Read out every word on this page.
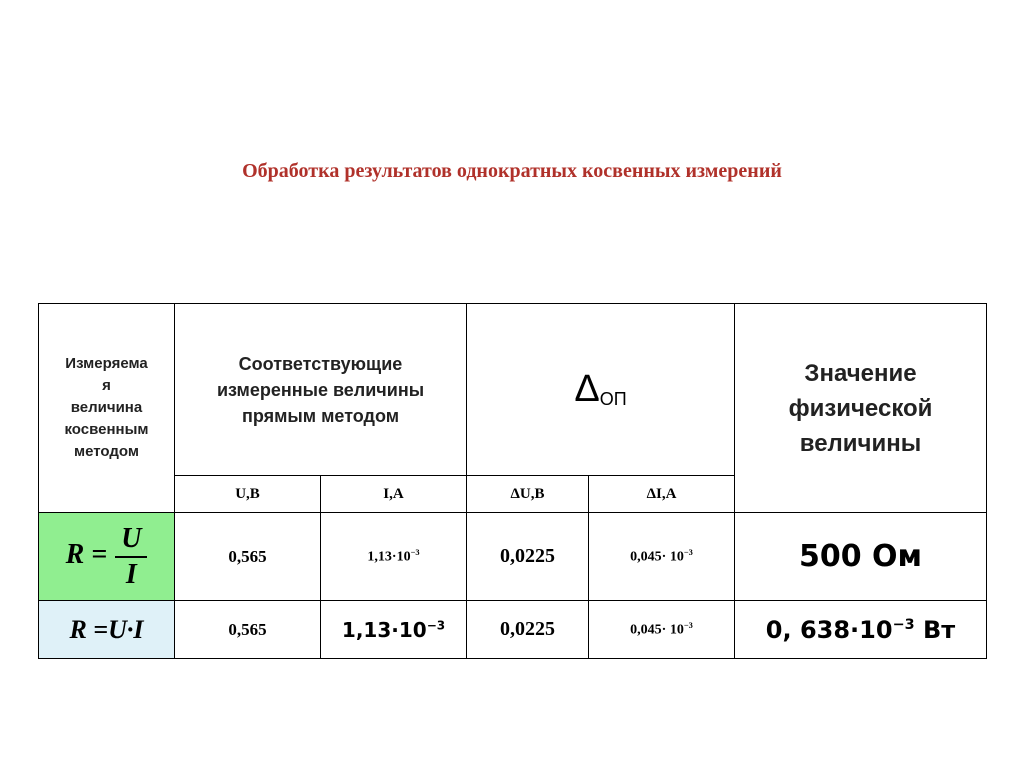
Обработка результатов однократных косвенных измерений
Измеряема
я
величина
косвенным
методом	Соответствующие
измеренные величины
прямым методом		$\Delta_{ОП}$		Значение
физической
величины
	U,В	I,А	ΔU,В	ΔI,А	
$R = \frac{U}{I}$	0,565	$1,13\cdot 10^{-3}$	0,0225	$0,045\cdot 10^{-3}$	500 Ом
R =U·I	0,565	$1,13\cdot 10^{-3}$	0,0225	$0,045\cdot 10^{-3}$	0, $638\cdot 10^{-3}$ Вт
